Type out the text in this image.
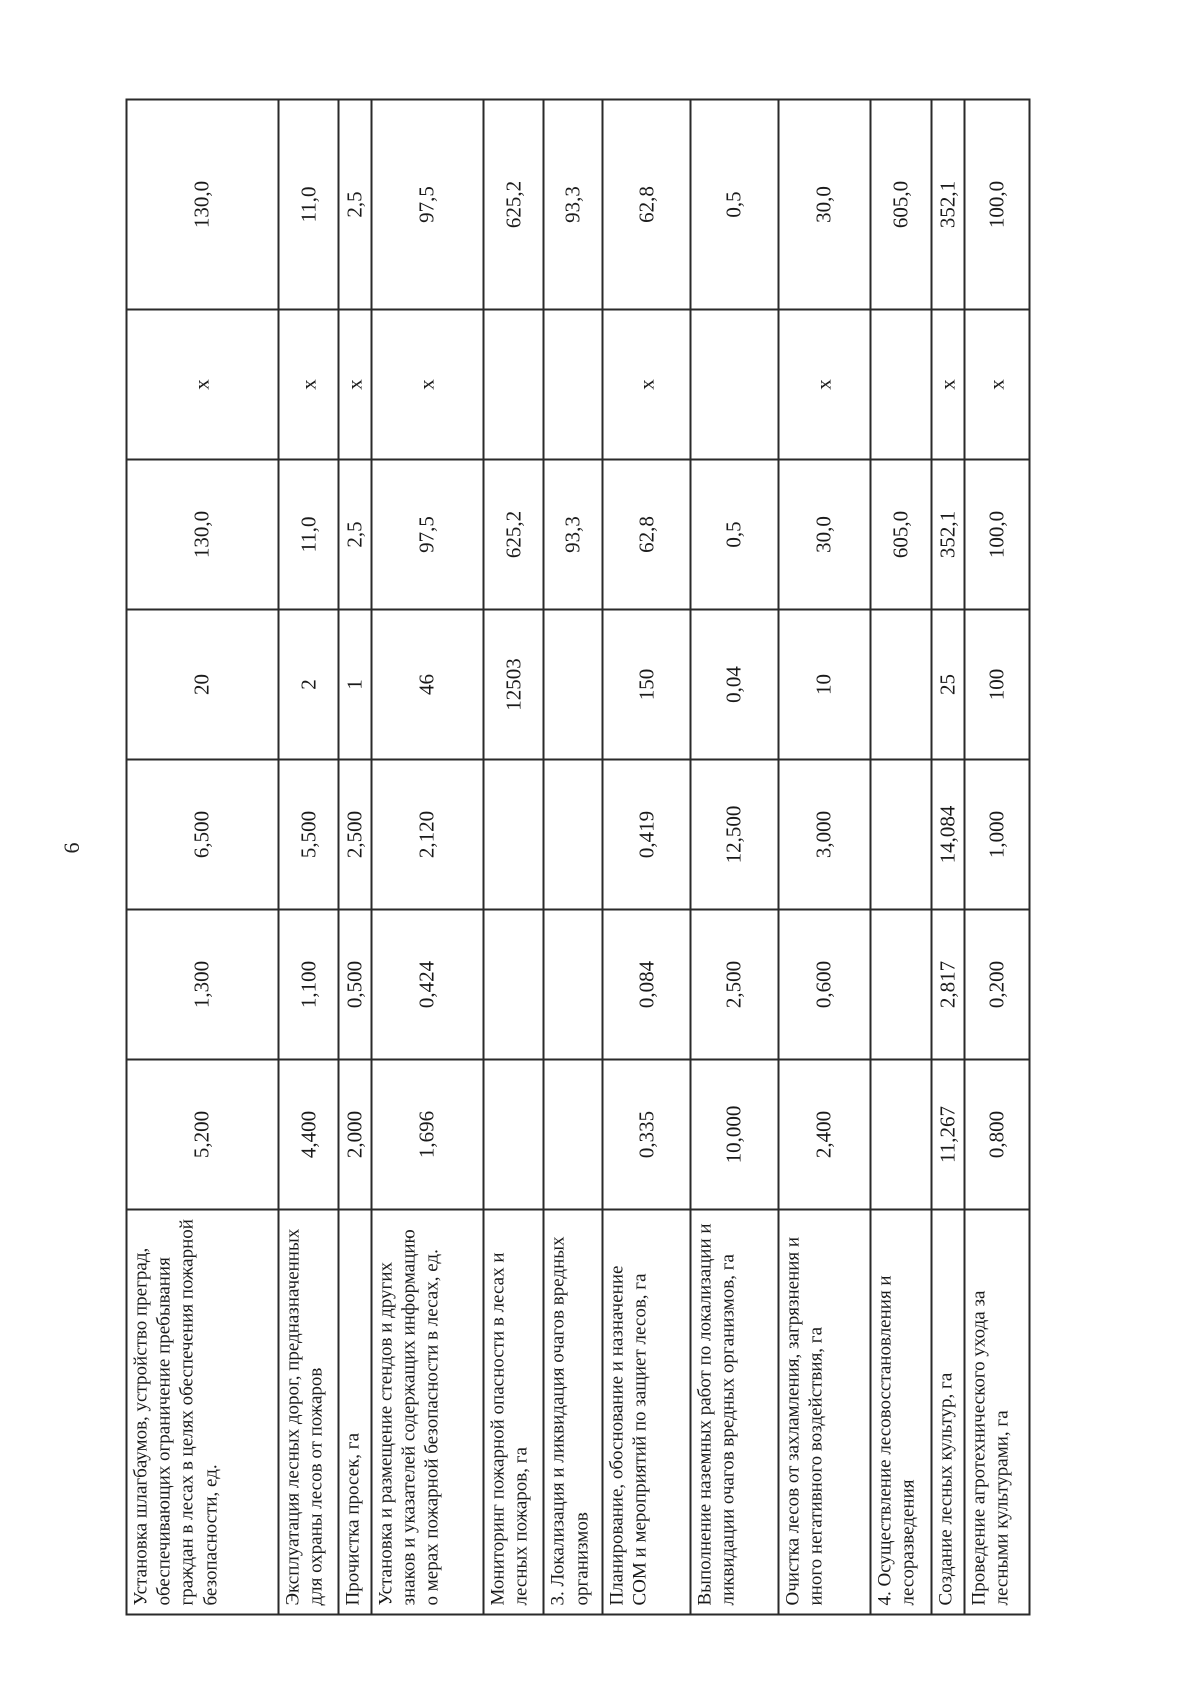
6
Установка шлагбаумов, устройство преград, обеспечивающих ограничение пребывания граждан в лесах в целях обеспечения пожарной безопасности, ед.	5,200	1,300	6,500	20	130,0	x	130,0
Эксплуатация лесных дорог, предназначенных для охраны лесов от пожаров	4,400	1,100	5,500	2	11,0	x	11,0
Прочистка просек, га	2,000	0,500	2,500	1	2,5	x	2,5
Установка и размещение стендов и других знаков и указателей содержащих информацию о мерах пожарной безопасности в лесах, ед.	1,696	0,424	2,120	46	97,5	x	97,5
Мониторинг пожарной опасности в лесах и лесных пожаров, га				12503	625,2		625,2
3. Локализация и ликвидация очагов вредных организмов					93,3		93,3
Планирование, обоснование и назначение СОМ и мероприятий по защиет лесов, га	0,335	0,084	0,419	150	62,8	x	62,8
Выполнение наземных работ по локализации и ликвидации очагов вредных организмов, га	10,000	2,500	12,500	0,04	0,5		0,5
Очистка лесов от захламления, загрязнения и иного негативного воздействия, га	2,400	0,600	3,000	10	30,0	x	30,0
4. Осуществление лесовосстановления и лесоразведения					605,0		605,0
Создание лесных культур, га	11,267	2,817	14,084	25	352,1	x	352,1
Проведение агротехнического ухода за лесными культурами, га	0,800	0,200	1,000	100	100,0	x	100,0
